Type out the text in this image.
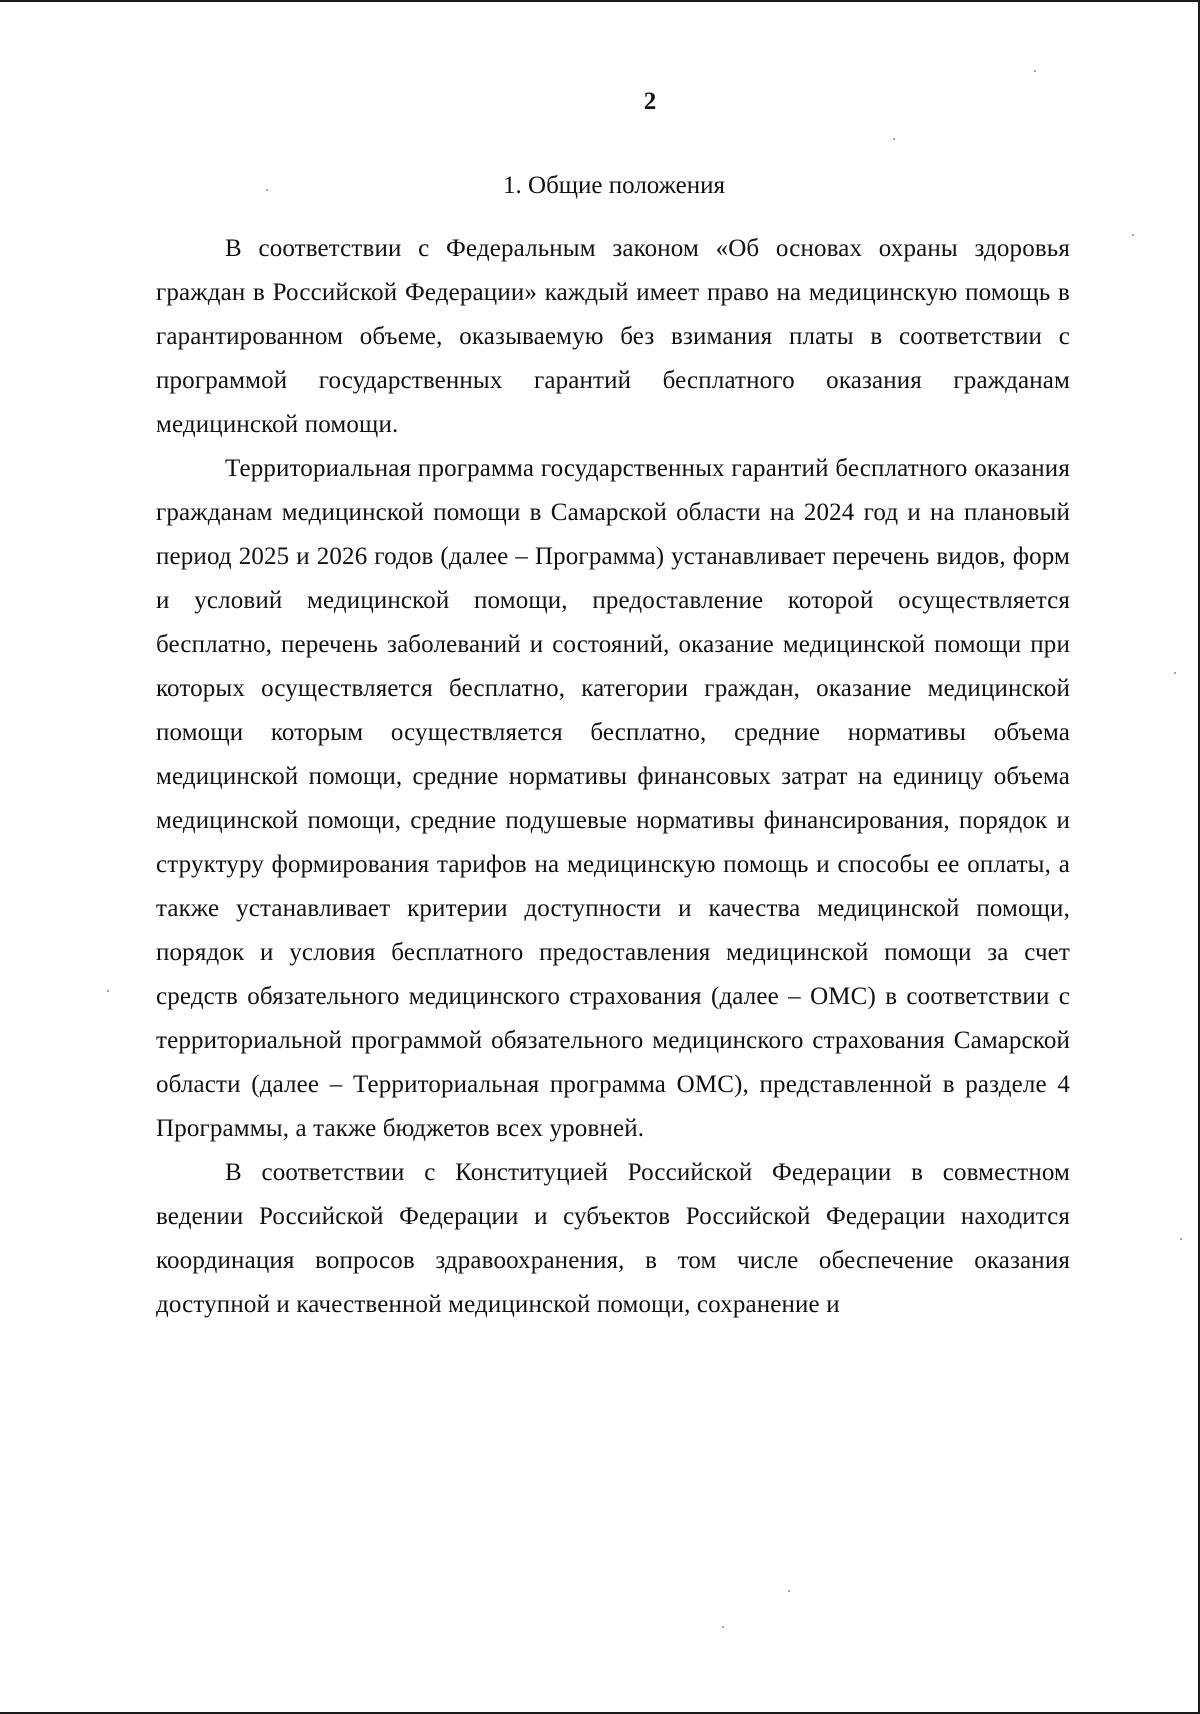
2
1. Общие положения

В соответствии с Федеральным законом «Об основах охраны здоровья граждан в Российской Федерации» каждый имеет право на медицинскую помощь в гарантированном объеме, оказываемую без взимания платы в соответствии с программой государственных гарантий бесплатного оказания гражданам медицинской помощи.

Территориальная программа государственных гарантий бесплатного оказания гражданам медицинской помощи в Самарской области на 2024 год и на плановый период 2025 и 2026 годов (далее – Программа) устанавливает перечень видов, форм и условий медицинской помощи, предоставление которой осуществляется бесплатно, перечень заболеваний и состояний, оказание медицинской помощи при которых осуществляется бесплатно, категории граждан, оказание медицинской помощи которым осуществляется бесплатно, средние нормативы объема медицинской помощи, средние нормативы финансовых затрат на единицу объема медицинской помощи, средние подушевые нормативы финансирования, порядок и структуру формирования тарифов на медицинскую помощь и способы ее оплаты, а также устанавливает критерии доступности и качества медицинской помощи, порядок и условия бесплатного предоставления медицинской помощи за счет средств обязательного медицинского страхования (далее – ОМС) в соответствии с территориальной программой обязательного медицинского страхования Самарской области (далее – Территориальная программа ОМС), представленной в разделе 4 Программы, а также бюджетов всех уровней.

В соответствии с Конституцией Российской Федерации в совместном ведении Российской Федерации и субъектов Российской Федерации находится координация вопросов здравоохранения, в том числе обеспечение оказания доступной и качественной медицинской помощи, сохранение и
